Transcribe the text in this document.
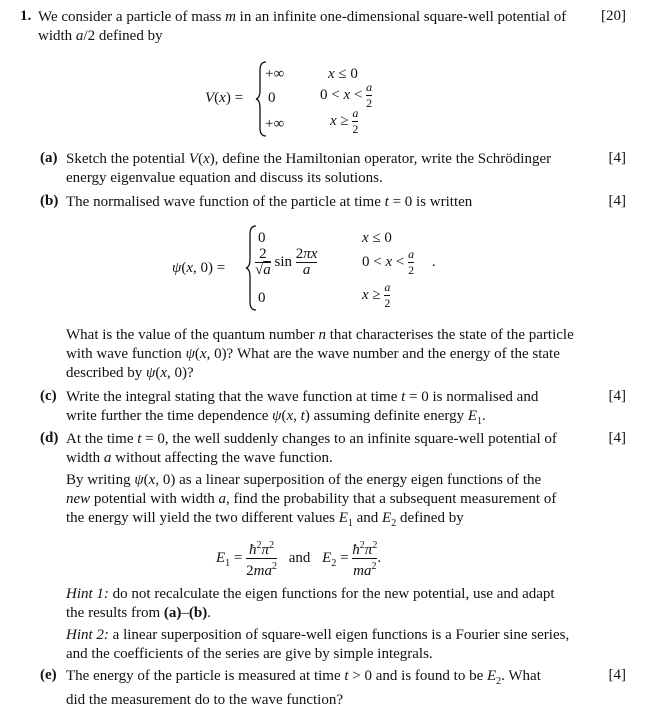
1. We consider a particle of mass m in an infinite one-dimensional square-well potential of
width a/2 defined by
[20]
V(x) =
+∞	x ≤ 0
0	$0 < x < \frac{a}{2}$
+∞	$x \ge \frac{a}{2}$
(a) Sketch the potential V(x), define the Hamiltonian operator, write the Schrödinger
energy eigenvalue equation and discuss its solutions.
[4]
(b) The normalised wave function of the particle at time t = 0 is written	[4]
ψ(x, 0) =
0	x ≤ 0
$\frac{2}{√a}$ $\sin \frac{2\pi x}{a}$	$0 < x < \frac{a}{2}$ .
0	$x \ge \frac{a}{2}$
What is the value of the quantum number n that characterises the state of the particle
with wave function ψ(x, 0)? What are the wave number and the energy of the state
described by ψ(x, 0)?
(c) Write the integral stating that the wave function at time t = 0 is normalised and
write further the time dependence ψ(x, t) assuming definite energy $E_1$.
[4]
(d) At the time t = 0, the well suddenly changes to an infinite square-well potential of
width a without affecting the wave function.
[4]
By writing ψ(x, 0) as a linear superposition of the energy eigen functions of the
new potential with width a, find the probability that a subsequent measurement of
the energy will yield the two different values $E_1$ and $E_2$ defined by
$E_1 = \frac{ħ^2\pi^2}{2ma^2}$ and $E_2 = \frac{ħ^2\pi^2}{ma^2}$ .
Hint 1: do not recalculate the eigen functions for the new potential, use and adapt
the results from (a)–(b).
Hint 2: a linear superposition of square-well eigen functions is a Fourier sine series,
and the coefficients of the series are give by simple integrals.
(e) The energy of the particle is measured at time t > 0 and is found to be $E_2$. What
did the measurement do to the wave function?
[4]
